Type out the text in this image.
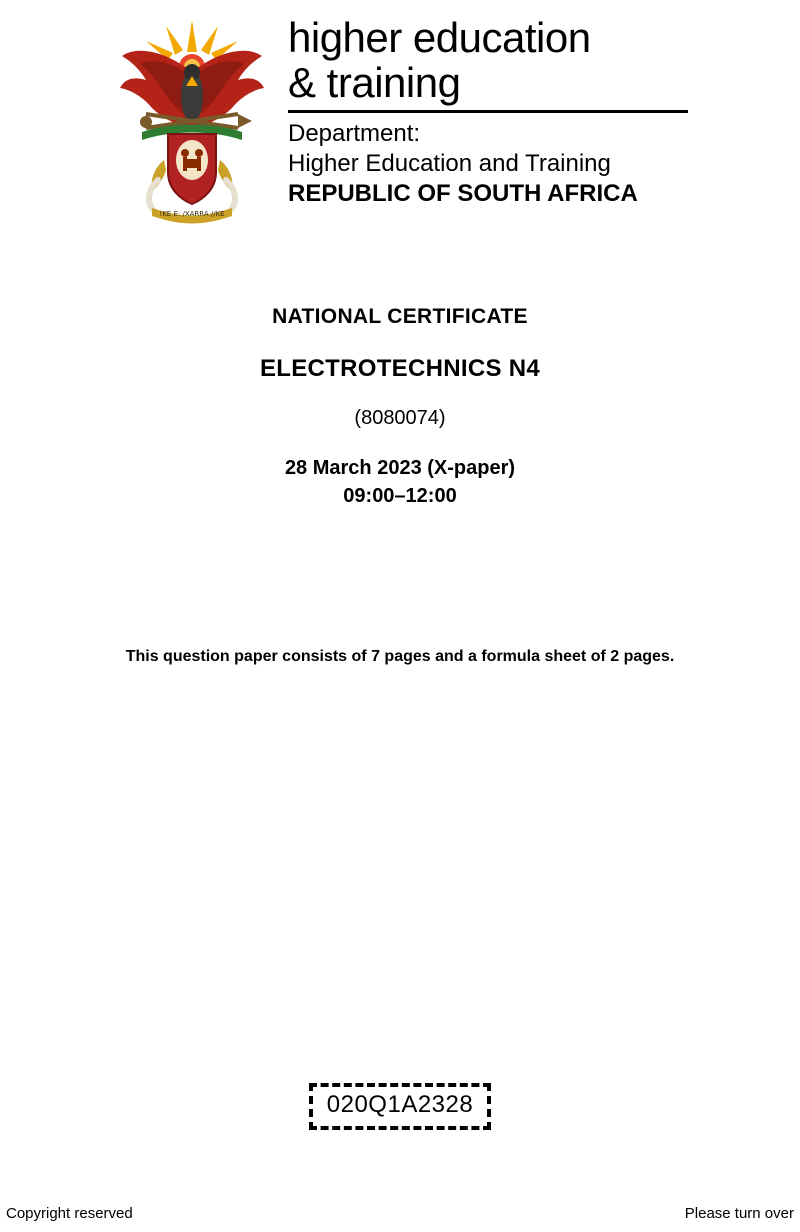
!KE E: /XARRA //KE
higher education
& training
Department:
Higher Education and Training
REPUBLIC OF SOUTH AFRICA
NATIONAL CERTIFICATE
ELECTROTECHNICS N4
(8080074)
28 March 2023 (X-paper)
09:00–12:00
This question paper consists of 7 pages and a formula sheet of 2 pages.
020Q1A2328
Copyright reserved	Please turn over
